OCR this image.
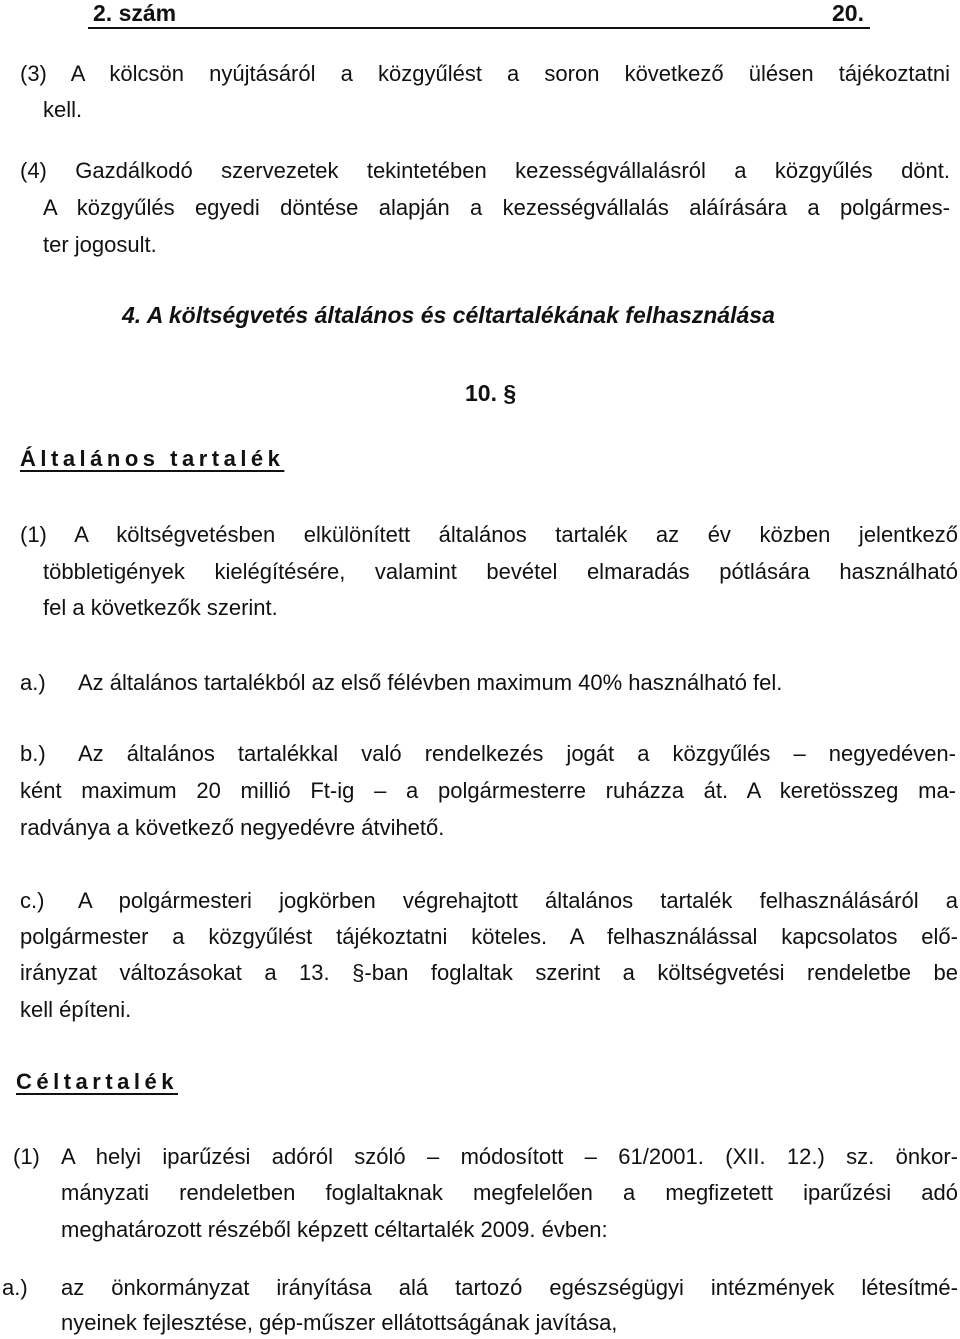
2. szám	20.
(3) A kölcsön nyújtásáról a közgyűlést a soron következő ülésen tájékoztatni
kell.
(4) Gazdálkodó szervezetek tekintetében kezességvállalásról a közgyűlés dönt.
A közgyűlés egyedi döntése alapján a kezességvállalás aláírására a polgármes-
ter jogosult.
4. A költségvetés általános és céltartalékának felhasználása
10. §
Általános tartalék
(1) A költségvetésben elkülönített általános tartalék az év közben jelentkező
többletigények kielégítésére, valamint bevétel elmaradás pótlására használható
fel a következők szerint.
a.) Az általános tartalékból az első félévben maximum 40% használható fel.
b.) Az általános tartalékkal való rendelkezés jogát a közgyűlés – negyedéven-
ként maximum 20 millió Ft-ig – a polgármesterre ruházza át. A keretösszeg ma-
radványa a következő negyedévre átvihető.
c.) A polgármesteri jogkörben végrehajtott általános tartalék felhasználásáról a
polgármester a közgyűlést tájékoztatni köteles. A felhasználással kapcsolatos elő-
irányzat változásokat a 13. §-ban foglaltak szerint a költségvetési rendeletbe be
kell építeni.
Céltartalék
(1) A helyi iparűzési adóról szóló – módosított – 61/2001. (XII. 12.) sz. önkor-
mányzati rendeletben foglaltaknak megfelelően a megfizetett iparűzési adó
meghatározott részéből képzett céltartalék 2009. évben:
a.) az önkormányzat irányítása alá tartozó egészségügyi intézmények létesítmé-
nyeinek fejlesztése, gép-műszer ellátottságának javítása,
